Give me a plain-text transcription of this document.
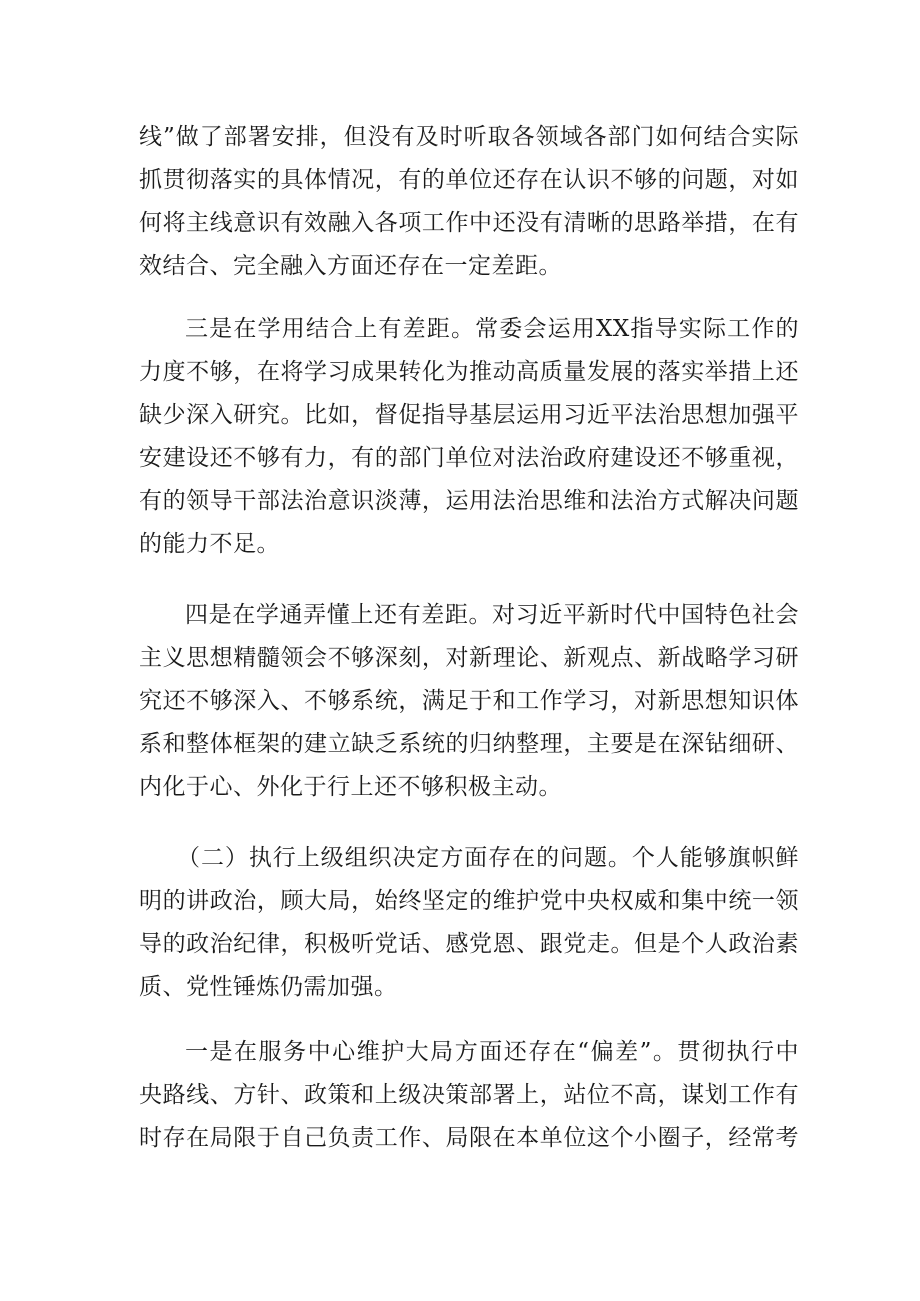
线”做了部署安排，但没有及时听取各领域各部门如何结合实际
抓贯彻落实的具体情况，有的单位还存在认识不够的问题，对如
何将主线意识有效融入各项工作中还没有清晰的思路举措，在有
效结合、完全融入方面还存在一定差距。
三是在学用结合上有差距。常委会运用XX指导实际工作的
力度不够，在将学习成果转化为推动高质量发展的落实举措上还
缺少深入研究。比如，督促指导基层运用习近平法治思想加强平
安建设还不够有力，有的部门单位对法治政府建设还不够重视，
有的领导干部法治意识淡薄，运用法治思维和法治方式解决问题
的能力不足。
四是在学通弄懂上还有差距。对习近平新时代中国特色社会
主义思想精髓领会不够深刻，对新理论、新观点、新战略学习研
究还不够深入、不够系统，满足于和工作学习，对新思想知识体
系和整体框架的建立缺乏系统的归纳整理，主要是在深钻细研、
内化于心、外化于行上还不够积极主动。
（二）执行上级组织决定方面存在的问题。个人能够旗帜鲜
明的讲政治，顾大局，始终坚定的维护党中央权威和集中统一领
导的政治纪律，积极听党话、感党恩、跟党走。但是个人政治素
质、党性锤炼仍需加强。
一是在服务中心维护大局方面还存在“偏差”。贯彻执行中
央路线、方针、政策和上级决策部署上，站位不高，谋划工作有
时存在局限于自己负责工作、局限在本单位这个小圈子，经常考
